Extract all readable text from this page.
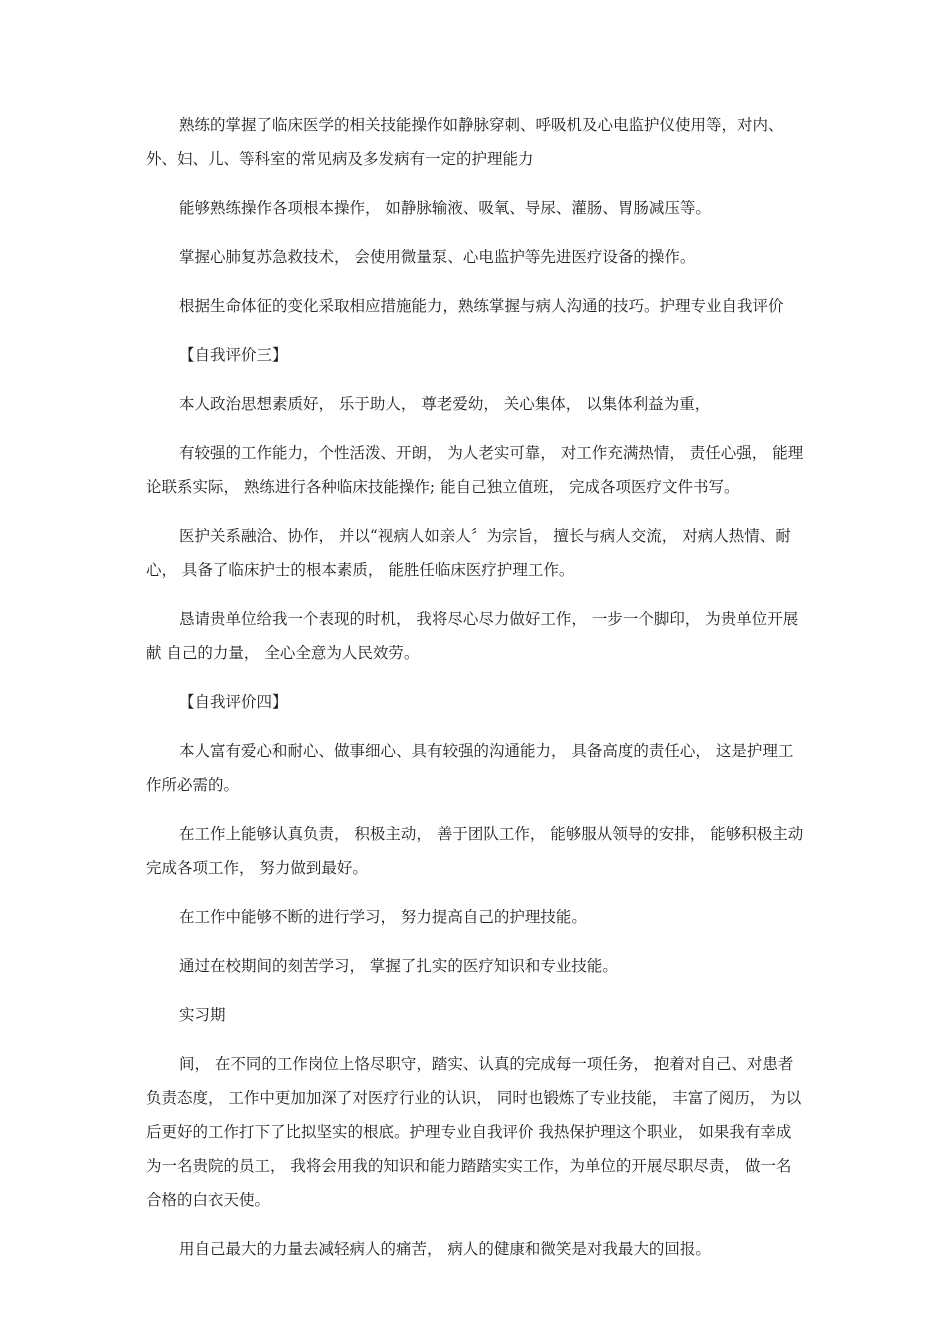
熟练的掌握了临床医学的相关技能操作如静脉穿刺、呼吸机及心电监护仪使用等，对内、外、妇、儿、等科室的常见病及多发病有一定的护理能力

能够熟练操作各项根本操作， 如静脉输液、吸氧、导尿、灌肠、胃肠减压等。

掌握心肺复苏急救技术， 会使用微量泵、心电监护等先进医疗设备的操作。

根据生命体征的变化采取相应措施能力，熟练掌握与病人沟通的技巧。护理专业自我评价

【自我评价三】

本人政治思想素质好， 乐于助人， 尊老爱幼， 关心集体， 以集体利益为重，

有较强的工作能力，个性活泼、开朗， 为人老实可靠， 对工作充满热情， 责任心强， 能理论联系实际， 熟练进行各种临床技能操作; 能自己独立值班， 完成各项医疗文件书写。

医护关系融洽、协作， 并以“视病人如亲人〞为宗旨， 擅长与病人交流， 对病人热情、耐心， 具备了临床护士的根本素质， 能胜任临床医疗护理工作。

恳请贵单位给我一个表现的时机， 我将尽心尽力做好工作， 一步一个脚印， 为贵单位开展献 自己的力量， 全心全意为人民效劳。

【自我评价四】

本人富有爱心和耐心、做事细心、具有较强的沟通能力， 具备高度的责任心， 这是护理工作所必需的。

在工作上能够认真负责， 积极主动， 善于团队工作， 能够服从领导的安排， 能够积极主动完成各项工作， 努力做到最好。

在工作中能够不断的进行学习， 努力提高自己的护理技能。

通过在校期间的刻苦学习， 掌握了扎实的医疗知识和专业技能。

实习期

间， 在不同的工作岗位上恪尽职守，踏实、认真的完成每一项任务， 抱着对自己、对患者负责态度， 工作中更加加深了对医疗行业的认识， 同时也锻炼了专业技能， 丰富了阅历， 为以后更好的工作打下了比拟坚实的根底。护理专业自我评价 我热保护理这个职业， 如果我有幸成为一名贵院的员工， 我将会用我的知识和能力踏踏实实工作，为单位的开展尽职尽责， 做一名合格的白衣天使。

用自己最大的力量去减轻病人的痛苦， 病人的健康和微笑是对我最大的回报。
